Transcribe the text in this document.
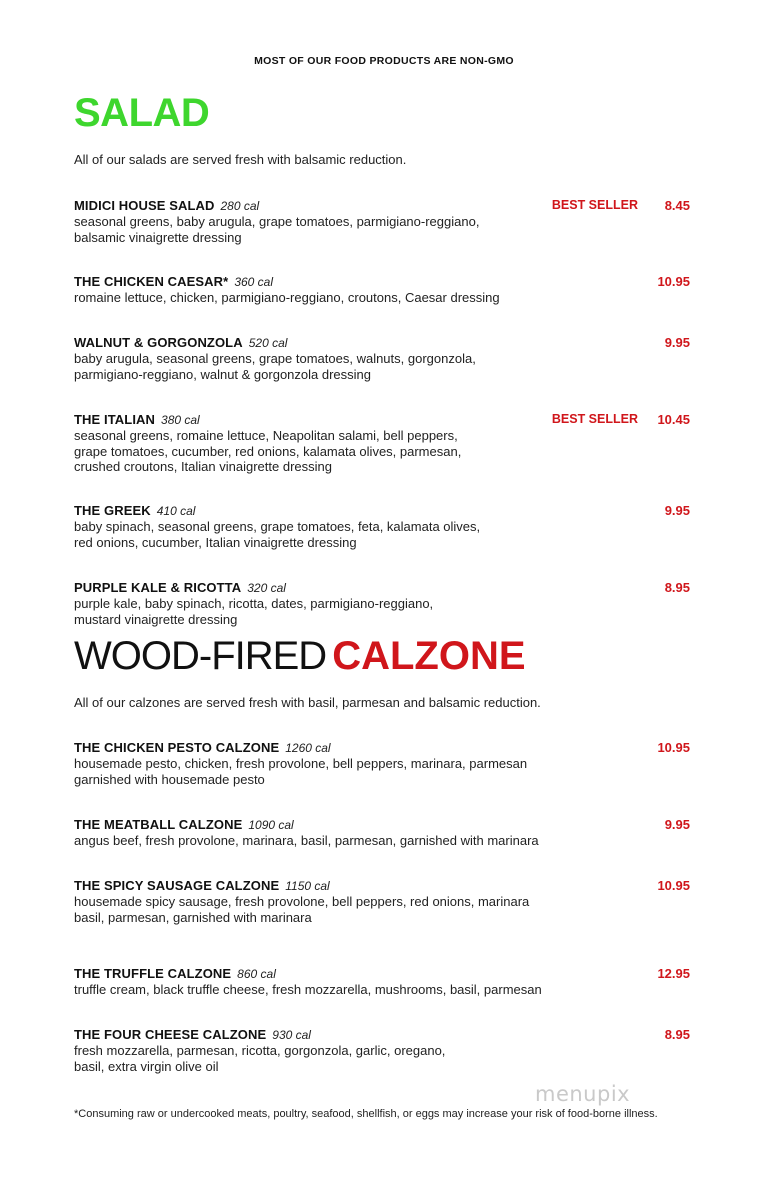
MOST OF OUR FOOD PRODUCTS ARE NON-GMO
SALAD
All of our salads are served fresh with balsamic reduction.
MIDICI HOUSE SALAD 280 cal
seasonal greens, baby arugula, grape tomatoes, parmigiano-reggiano,
balsamic vinaigrette dressing
BEST SELLER 8.45
THE CHICKEN CAESAR* 360 cal
romaine lettuce, chicken, parmigiano-reggiano, croutons, Caesar dressing
10.95
WALNUT & GORGONZOLA 520 cal
baby arugula, seasonal greens, grape tomatoes, walnuts, gorgonzola,
parmigiano-reggiano, walnut & gorgonzola dressing
9.95
THE ITALIAN 380 cal
seasonal greens, romaine lettuce, Neapolitan salami, bell peppers,
grape tomatoes, cucumber, red onions, kalamata olives, parmesan,
crushed croutons, Italian vinaigrette dressing
BEST SELLER 10.45
THE GREEK 410 cal
baby spinach, seasonal greens, grape tomatoes, feta, kalamata olives,
red onions, cucumber, Italian vinaigrette dressing
9.95
PURPLE KALE & RICOTTA 320 cal
purple kale, baby spinach, ricotta, dates, parmigiano-reggiano,
mustard vinaigrette dressing
8.95
WOOD-FIRED CALZONE
All of our calzones are served fresh with basil, parmesan and balsamic reduction.
THE CHICKEN PESTO CALZONE 1260 cal
housemade pesto, chicken, fresh provolone, bell peppers, marinara, parmesan
garnished with housemade pesto
10.95
THE MEATBALL CALZONE 1090 cal
angus beef, fresh provolone, marinara, basil, parmesan, garnished with marinara
9.95
THE SPICY SAUSAGE CALZONE 1150 cal
housemade spicy sausage, fresh provolone, bell peppers, red onions, marinara
basil, parmesan, garnished with marinara
10.95
THE TRUFFLE CALZONE 860 cal
truffle cream, black truffle cheese, fresh mozzarella, mushrooms, basil, parmesan
12.95
THE FOUR CHEESE CALZONE 930 cal
fresh mozzarella, parmesan, ricotta, gorgonzola, garlic, oregano,
basil, extra virgin olive oil
8.95
menupix
*Consuming raw or undercooked meats, poultry, seafood, shellfish, or eggs may increase your risk of food-borne illness.
